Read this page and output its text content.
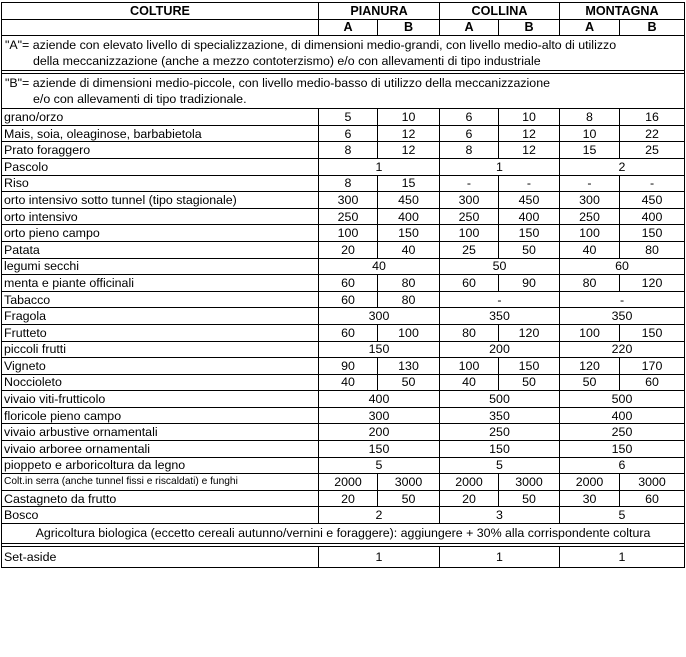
COLTURE	PIANURA		COLLINA		MONTAGNA	
	A	B	A	B	A	B
"A"= aziende con elevato livello di specializzazione, di dimensioni medio-grandi, con livello medio-alto di utilizzo

della meccanizzazione (anche a mezzo contoterzismo) e/o con allevamenti di tipo industriale						

"B"= aziende di dimensioni medio-piccole, con livello medio-basso di utilizzo della meccanizzazione

e/o con allevamenti di tipo tradizionale.						

grano/orzo	5	10	6	10	8	16
Mais, soia, oleaginose, barbabietola	6	12	6	12	10	22
Prato foraggero	8	12	8	12	15	25
Pascolo	1		1		2	
Riso	8	15	-	-	-	-
orto intensivo sotto tunnel (tipo stagionale)	300	450	300	450	300	450
orto intensivo	250	400	250	400	250	400
orto pieno campo	100	150	100	150	100	150
Patata	20	40	25	50	40	80
legumi secchi	40		50		60	
menta e piante officinali	60	80	60	90	80	120
Tabacco	60	80	-		-	
Fragola	300		350		350	
Frutteto	60	100	80	120	100	150
piccoli frutti	150		200		220	
Vigneto	90	130	100	150	120	170
Noccioleto	40	50	40	50	50	60
vivaio viti-frutticolo	400		500		500	
floricole pieno campo	300		350		400	
vivaio arbustive ornamentali	200		250		250	
vivaio arboree ornamentali	150		150		150	
pioppeto e arboricoltura da legno	5		5		6	
Colt.in serra (anche tunnel fissi e riscaldati) e funghi	2000	3000	2000	3000	2000	3000
Castagneto da frutto	20	50	20	50	30	60
Bosco	2		3		5	
Agricoltura biologica (eccetto cereali autunno/vernini e foraggere): aggiungere + 30% alla corrispondente coltura						

Set-aside	1		1		1	
